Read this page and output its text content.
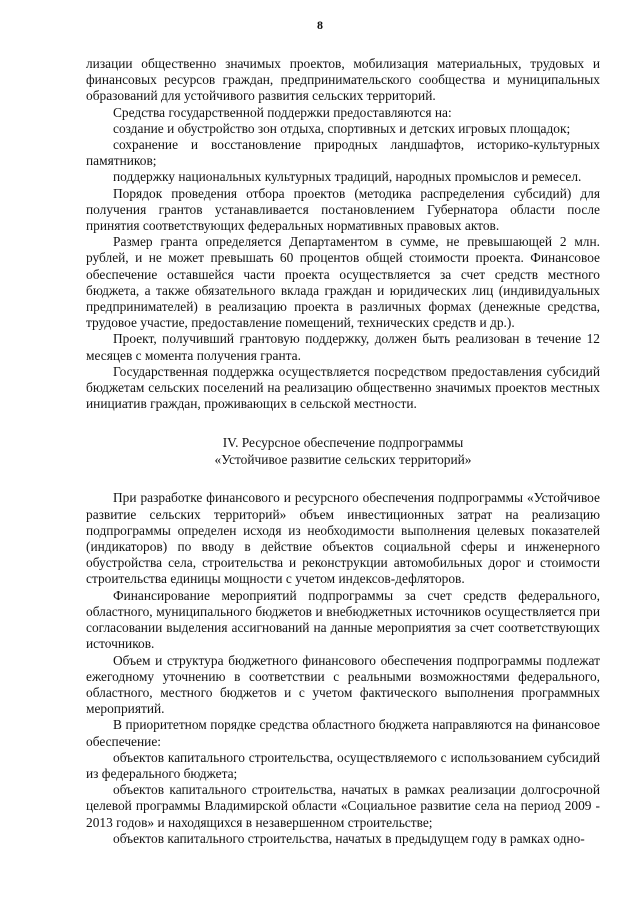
8

лизации общественно значимых проектов, мобилизация материальных, трудовых и финансовых ресурсов граждан, предпринимательского сообщества и муниципальных образований для устойчивого развития сельских территорий.

Средства государственной поддержки предоставляются на:

создание и обустройство зон отдыха, спортивных и детских игровых площадок;

сохранение и восстановление природных ландшафтов, историко-культурных памятников;

поддержку национальных культурных традиций, народных промыслов и ремесел.

Порядок проведения отбора проектов (методика распределения субсидий) для получения грантов устанавливается постановлением Губернатора области после принятия соответствующих федеральных нормативных правовых актов.

Размер гранта определяется Департаментом в сумме, не превышающей 2 млн. рублей, и не может превышать 60 процентов общей стоимости проекта. Финансовое обеспечение оставшейся части проекта осуществляется за счет средств местного бюджета, а также обязательного вклада граждан и юридических лиц (индивидуальных предпринимателей) в реализацию проекта в различных формах (денежные средства, трудовое участие, предоставление помещений, технических средств и др.).

Проект, получивший грантовую поддержку, должен быть реализован в течение 12 месяцев с момента получения гранта.

Государственная поддержка осуществляется посредством предоставления субсидий бюджетам сельских поселений на реализацию общественно значимых проектов местных инициатив граждан, проживающих в сельской местности.

IV. Ресурсное обеспечение подпрограммы
«Устойчивое развитие сельских территорий»

При разработке финансового и ресурсного обеспечения подпрограммы «Устойчивое развитие сельских территорий» объем инвестиционных затрат на реализацию подпрограммы определен исходя из необходимости выполнения целевых показателей (индикаторов) по вводу в действие объектов социальной сферы и инженерного обустройства села, строительства и реконструкции автомобильных дорог и стоимости строительства единицы мощности с учетом индексов-дефляторов.

Финансирование мероприятий подпрограммы за счет средств федерального, областного, муниципального бюджетов и внебюджетных источников осуществляется при согласовании выделения ассигнований на данные мероприятия за счет соответствующих источников.

Объем и структура бюджетного финансового обеспечения подпрограммы подлежат ежегодному уточнению в соответствии с реальными возможностями федерального, областного, местного бюджетов и с учетом фактического выполнения программных мероприятий.

В приоритетном порядке средства областного бюджета направляются на финансовое обеспечение:

объектов капитального строительства, осуществляемого с использованием субсидий из федерального бюджета;

объектов капитального строительства, начатых в рамках реализации долгосрочной целевой программы Владимирской области «Социальное развитие села на период 2009 - 2013 годов» и находящихся в незавершенном строительстве;

объектов капитального строительства, начатых в предыдущем году в рамках одно-
